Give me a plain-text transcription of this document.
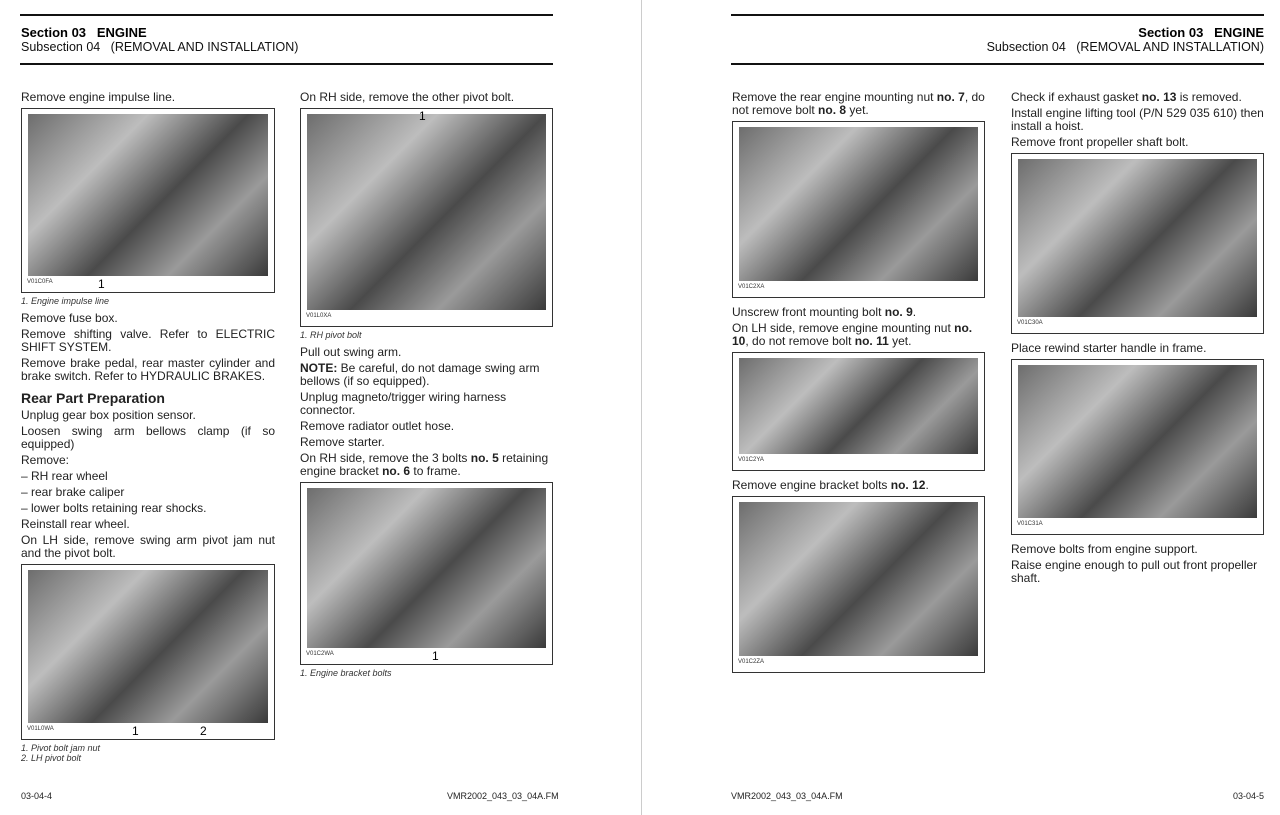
Section 03 ENGINE
Subsection 04 (REMOVAL AND INSTALLATION)

Remove engine impulse line.

V01C0FA	1
1. Engine impulse line

Remove fuse box.

Remove shifting valve. Refer to ELECTRIC SHIFT SYSTEM.

Remove brake pedal, rear master cylinder and brake switch. Refer to HYDRAULIC BRAKES.

Rear Part Preparation

Unplug gear box position sensor.

Loosen swing arm bellows clamp (if so equipped)

Remove:

– RH rear wheel

– rear brake caliper

– lower bolts retaining rear shocks.

Reinstall rear wheel.

On LH side, remove swing arm pivot jam nut and the pivot bolt.

V01L0WA	1	2
1. Pivot bolt jam nut
2. LH pivot bolt

On RH side, remove the other pivot bolt.

V01L0XA
1
1. RH pivot bolt

Pull out swing arm.

NOTE: Be careful, do not damage swing arm bellows (if so equipped).

Unplug magneto/trigger wiring harness connector.

Remove radiator outlet hose.

Remove starter.

On RH side, remove the 3 bolts no. 5 retaining engine bracket no. 6 to frame.

V01C2WA	1
1. Engine bracket bolts
03-04-4	VMR2002_043_03_04A.FM
Section 03 ENGINE
Subsection 04 (REMOVAL AND INSTALLATION)

Remove the rear engine mounting nut no. 7, do not remove bolt no. 8 yet.

V01C2XA

Unscrew front mounting bolt no. 9.

On LH side, remove engine mounting nut no. 10, do not remove bolt no. 11 yet.

V01C2YA

Remove engine bracket bolts no. 12.

V01C2ZA

Check if exhaust gasket no. 13 is removed.

Install engine lifting tool (P/N 529 035 610) then install a hoist.

Remove front propeller shaft bolt.

V01C30A

Place rewind starter handle in frame.

V01C31A

Remove bolts from engine support.

Raise engine enough to pull out front propeller shaft.

VMR2002_043_03_04A.FM	03-04-5
